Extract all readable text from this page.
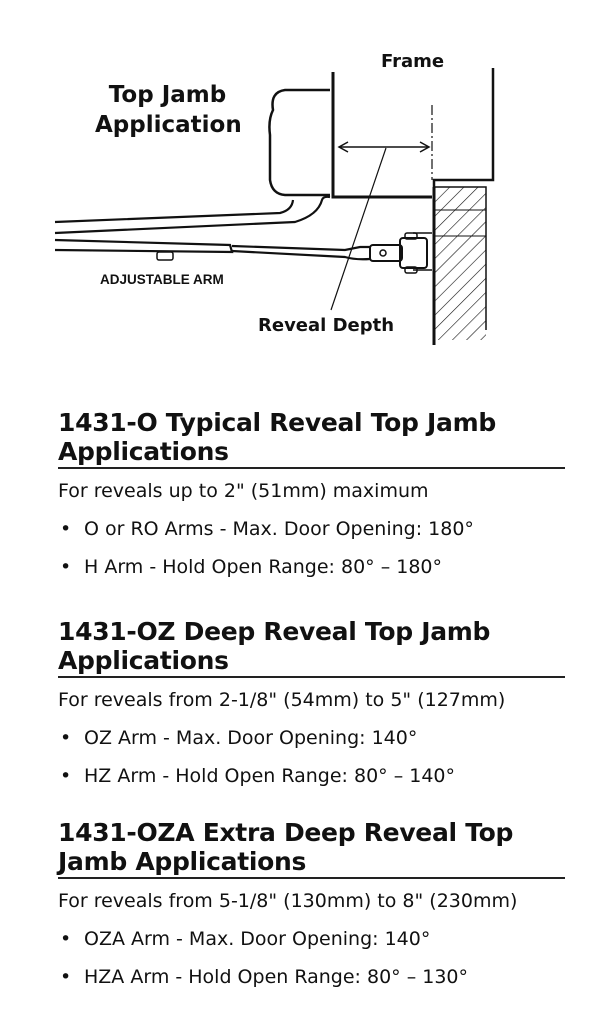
Top Jamb
Application
Frame
ADJUSTABLE ARM
Reveal Depth
1431-O Typical Reveal Top Jamb Applications

For reveals up to 2" (51mm) maximum

• O or RO Arms - Max. Door Opening: 180°
• H Arm - Hold Open Range: 80° – 180°
1431-OZ Deep Reveal Top Jamb Applications

For reveals from 2-1/8" (54mm) to 5" (127mm)

• OZ Arm - Max. Door Opening: 140°
• HZ Arm - Hold Open Range: 80° – 140°
1431-OZA Extra Deep Reveal Top Jamb Applications

For reveals from 5-1/8" (130mm) to 8" (230mm)

• OZA Arm - Max. Door Opening: 140°
• HZA Arm - Hold Open Range: 80° – 130°
